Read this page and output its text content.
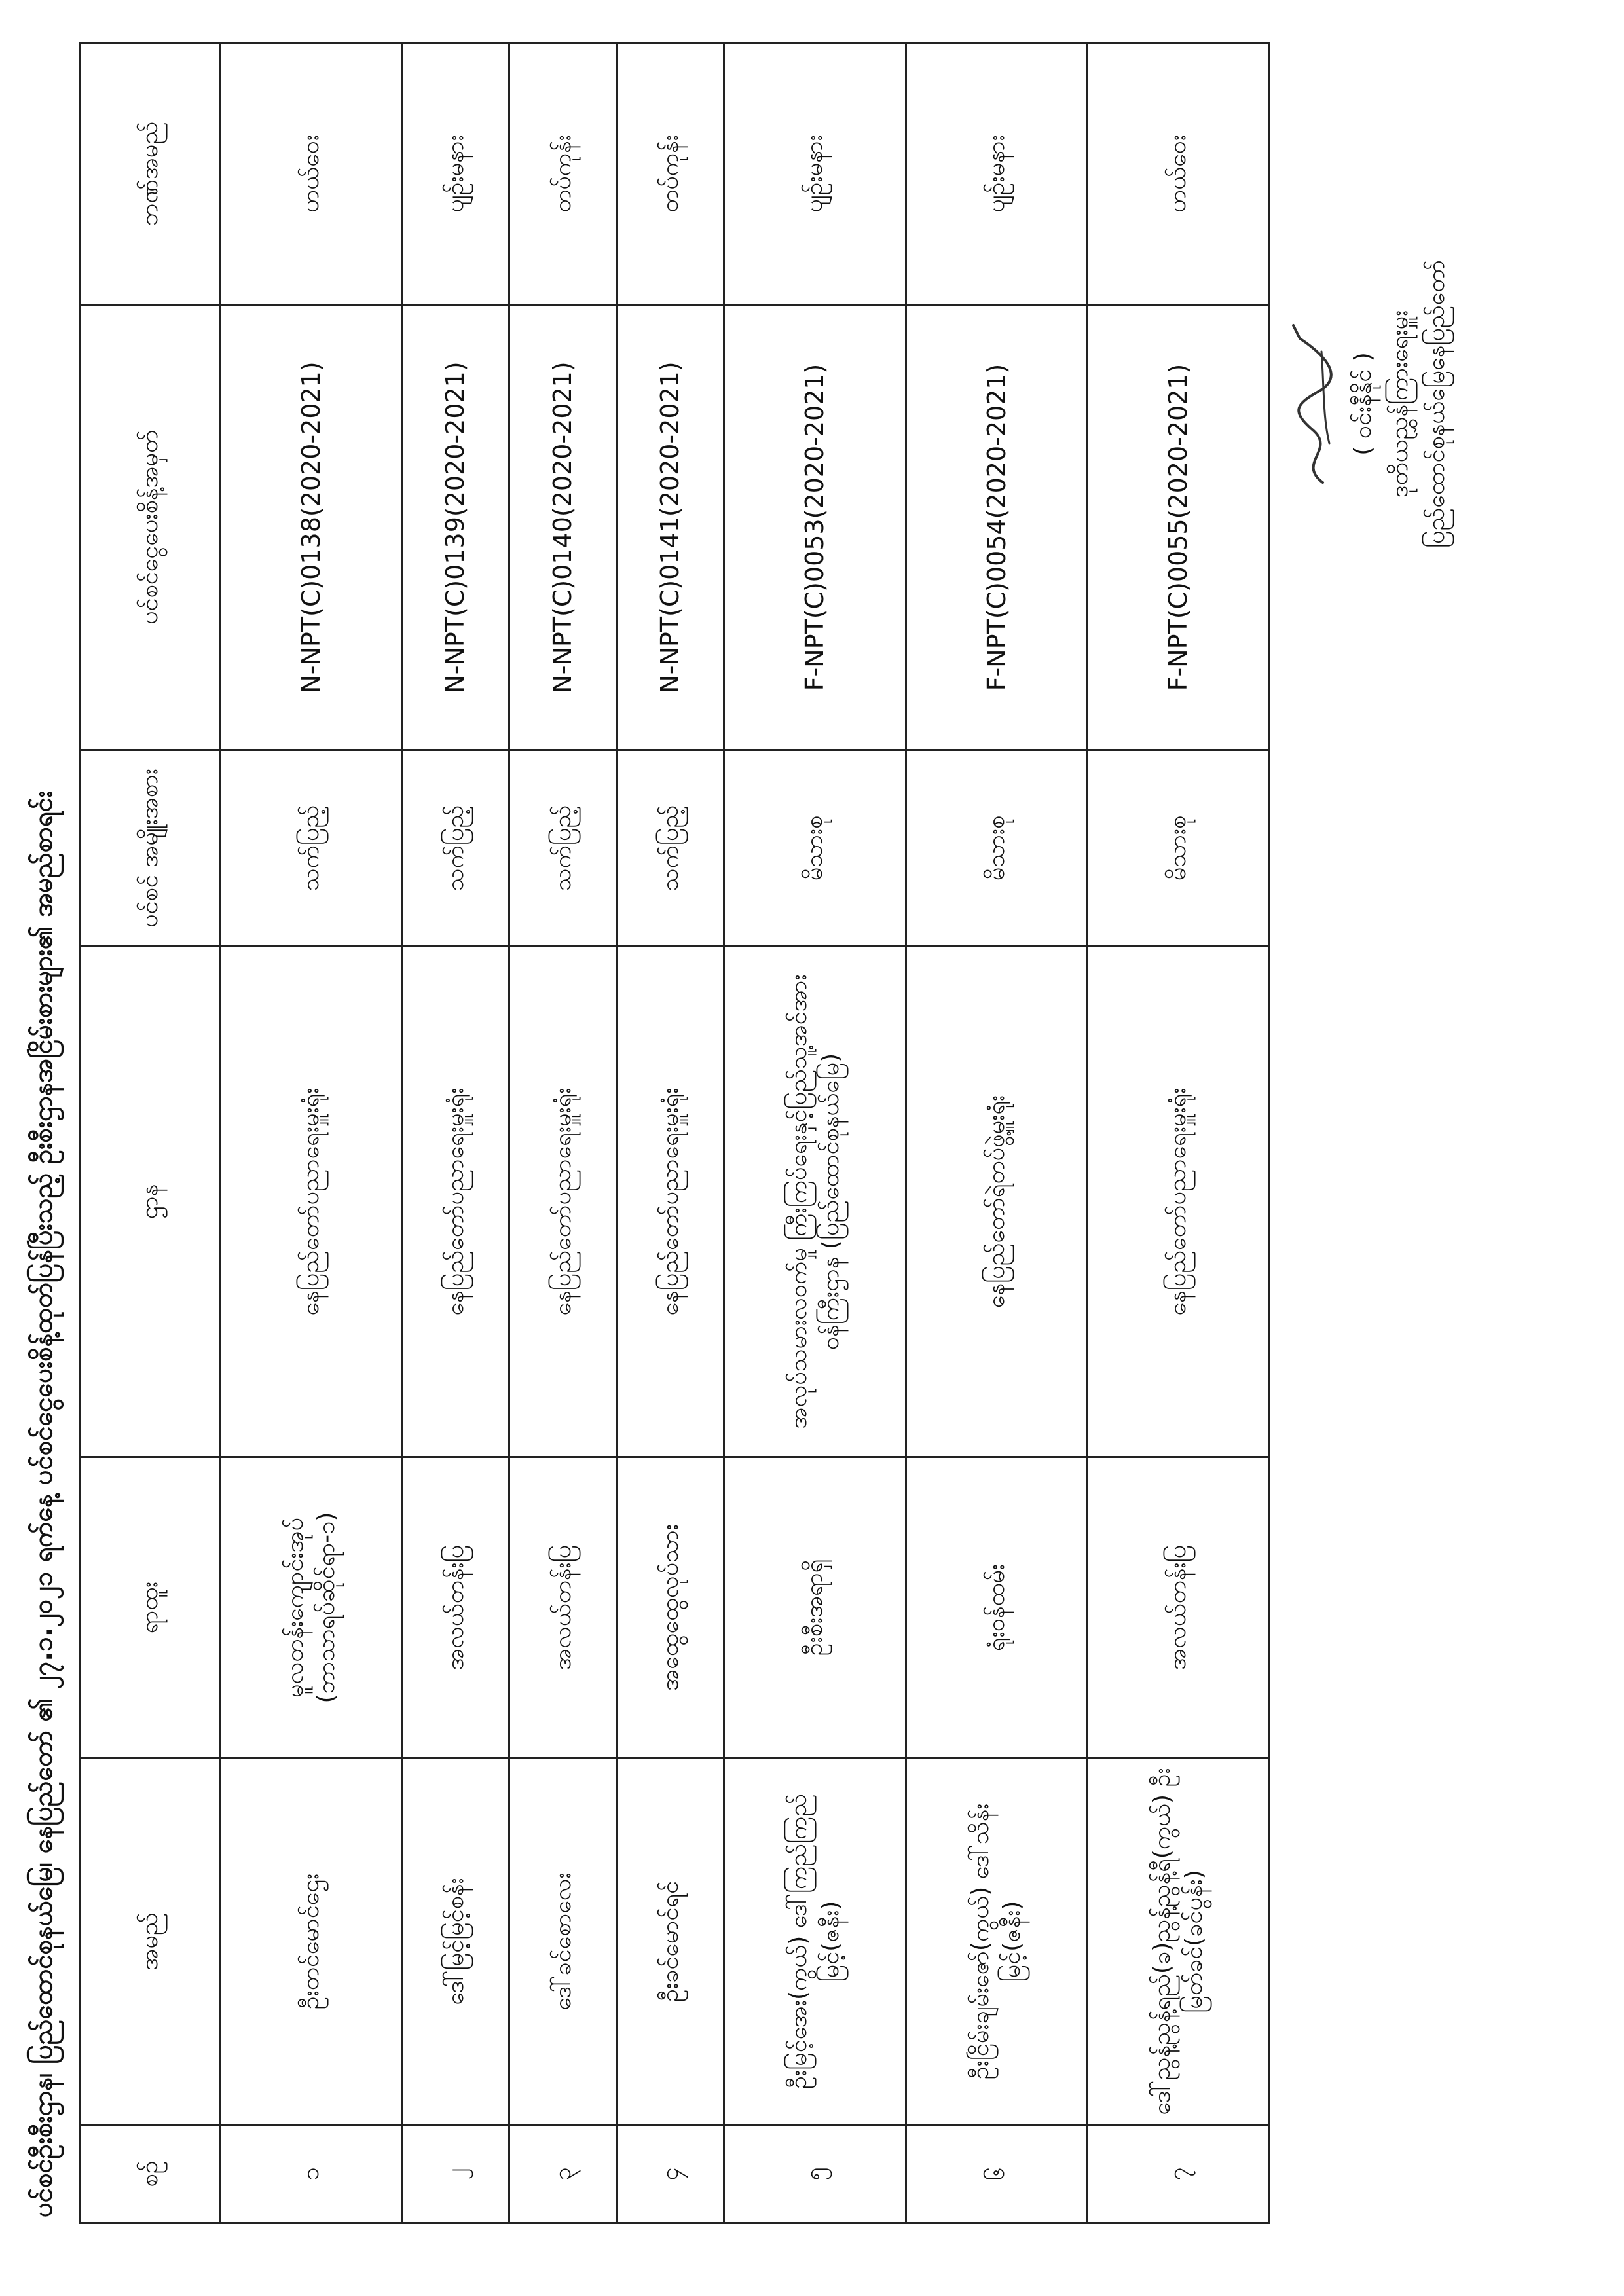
ပင်စင်ဦးစီးဌာန၊ ပြည်ထောင်စုနယ်မြေ၊ နေပြည်တော် ၏ ၂၇.၁.၂၀၂၁ ရက်နေ့ ပင်စင်ငွေပေးစိန့်ထုတ်ပြန်ပြီးသည့် ဦးစီးဌာနအငြိမ်းစားများ၏ အမည်စာရင်း	စဉ်	အမည်	ရာထူး	ဌာန	ပင်စင် အမျိုးအစား	ပင်စင်ငွေပေးစိန့်အမှတ်	ဘဏ်အမည်
၁	ဦးတင်မောင်ဌေး	မူလတန်းကျောင်းအုပ် (ဘာသာရပ်ဆိုင်ရာ-၁)	နေပြည်တော်ပညာရေးမှူးရုံး	သက်ပြည့်	N-NPT(C)0138(2020-2021)	ဟယ်ဝေး
၂	ဒေါ်မြင့်မြင့်စန်း	အလယ်တန်းပြ	နေပြည်တော်ပညာရေးမှူးရုံး	သက်ပြည့်	N-NPT(C)0139(2020-2021)	ပျဉ်းမနား
၃	ဒေါ်ခင်စောလေး	အလယ်တန်းပြ	နေပြည်တော်ပညာရေးမှူးရုံး	သက်ပြည့်	N-NPT(C)0140(2020-2021)	တပ်ကုန်း
၄	ဦးခင်မောင်ရင်	အထွေထွေလုပ်သား	နေပြည်တော်ပညာရေးမှူးရုံး	သက်ပြည့်	N-NPT(C)0141(2020-2021)	တပ်ကုန်း
၅	ဦးမြင့်အေး(ကွယ်) ဒေါ်ကြည်ကြည်မြင့်(ဇနီး)	ဦးစီးအရာရှိ	အလုပ်သမားလဝက်မှု ကြီးကြပ်ရေးနှင့်ပြည်သူ့အင်အားဝန်ကြီးဌာန (ပြည်ထောင်စုနယ်မြေ)	မိသားစု	F-NPT(C)0053(2020-2021)	ပျဉ်းမနား
၆	ဦးငြိမ်းချမ်းဇော်(ကွယ်) ဒေါ်သိန်းမြင့်(ဇနီး)	ရုံးဝန်ထမ်း	နေပြည်တော်ရဲတပ်ဖွဲ့မှူးရုံး	မိသားစု	F-NPT(C)0054(2020-2021)	ပျဉ်းမနား
၇	ဒေါ်ညွန့်ညွန့်ရည်(ခ)ညွန့်ညွန့်ရီ(ကွယ်) ဦးမြတ်ခင်(ခင်ပွန်း)	အလယ်တန်းပြ	နေပြည်တော်ပညာရေးမှူးရုံး	မိသားစု	F-NPT(C)0055(2020-2021)	ဟယ်ဝေး
( ဝင်းနီနိုင် ) ဒုတိယညွှန်ကြားရေးမှူး ပြည်ထောင်စုနယ်မြေနေပြည်တော်
